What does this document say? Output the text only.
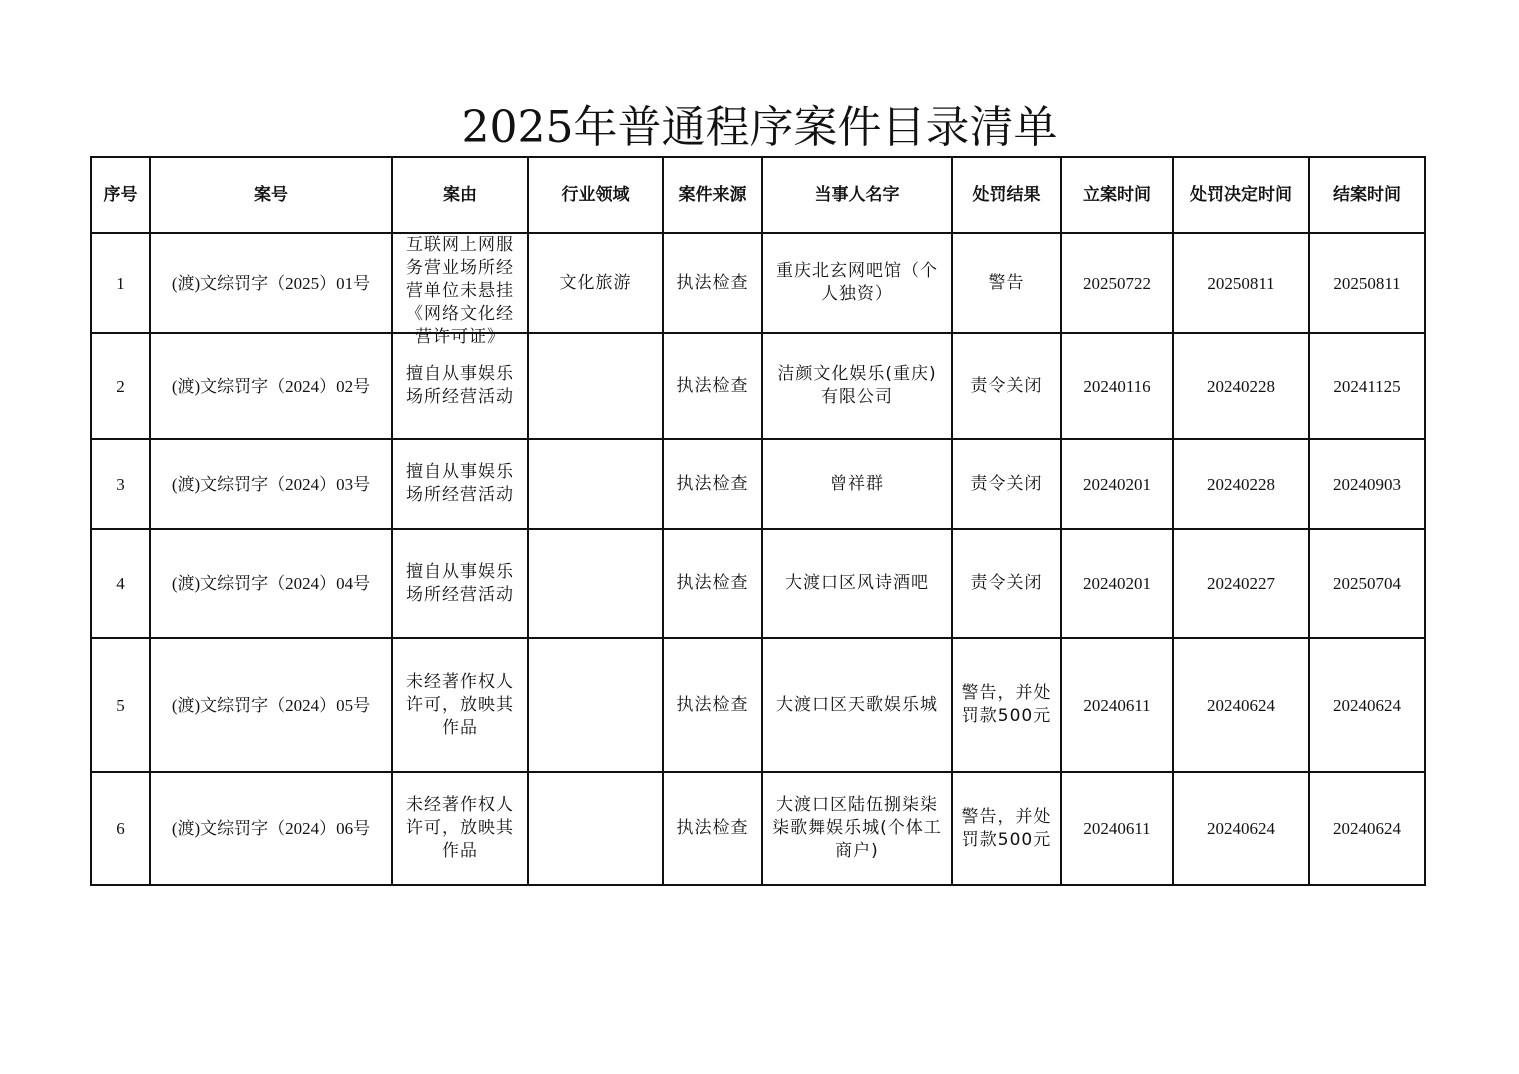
2025年普通程序案件目录清单
序号	案号	案由	行业领域	案件来源	当事人名字	处罚结果	立案时间	处罚决定时间	结案时间
1	(渡)文综罚字（2025）01号	互联网上网服务营业场所经营单位未悬挂《网络文化经营许可证》	文化旅游	执法检查	重庆北玄网吧馆（个人独资）	警告	20250722	20250811	20250811
2	(渡)文综罚字（2024）02号	擅自从事娱乐场所经营活动		执法检查	洁颜文化娱乐(重庆)有限公司	责令关闭	20240116	20240228	20241125
3	(渡)文综罚字（2024）03号	擅自从事娱乐场所经营活动		执法检查	曾祥群	责令关闭	20240201	20240228	20240903
4	(渡)文综罚字（2024）04号	擅自从事娱乐场所经营活动		执法检查	大渡口区风诗酒吧	责令关闭	20240201	20240227	20250704
5	(渡)文综罚字（2024）05号	未经著作权人许可，放映其作品		执法检查	大渡口区天歌娱乐城	警告，并处罚款500元	20240611	20240624	20240624
6	(渡)文综罚字（2024）06号	未经著作权人许可，放映其作品		执法检查	大渡口区陆伍捌柒柒柒歌舞娱乐城(个体工商户)	警告，并处罚款500元	20240611	20240624	20240624
